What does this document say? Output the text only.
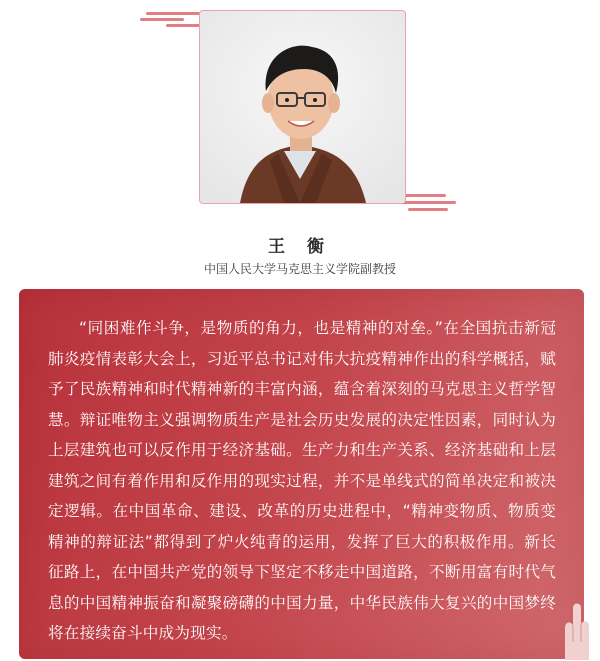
王 衡
中国人民大学马克思主义学院副教授
“同困难作斗争，是物质的角力，也是精神的对垒。”在全国抗击新冠肺炎疫情表彰大会上，习近平总书记对伟大抗疫精神作出的科学概括，赋予了民族精神和时代精神新的丰富内涵，蕴含着深刻的马克思主义哲学智慧。辩证唯物主义强调物质生产是社会历史发展的决定性因素，同时认为上层建筑也可以反作用于经济基础。生产力和生产关系、经济基础和上层建筑之间有着作用和反作用的现实过程，并不是单线式的简单决定和被决定逻辑。在中国革命、建设、改革的历史进程中，“精神变物质、物质变精神的辩证法”都得到了炉火纯青的运用，发挥了巨大的积极作用。新长征路上，在中国共产党的领导下坚定不移走中国道路，不断用富有时代气息的中国精神振奋和凝聚磅礴的中国力量，中华民族伟大复兴的中国梦终将在接续奋斗中成为现实。
